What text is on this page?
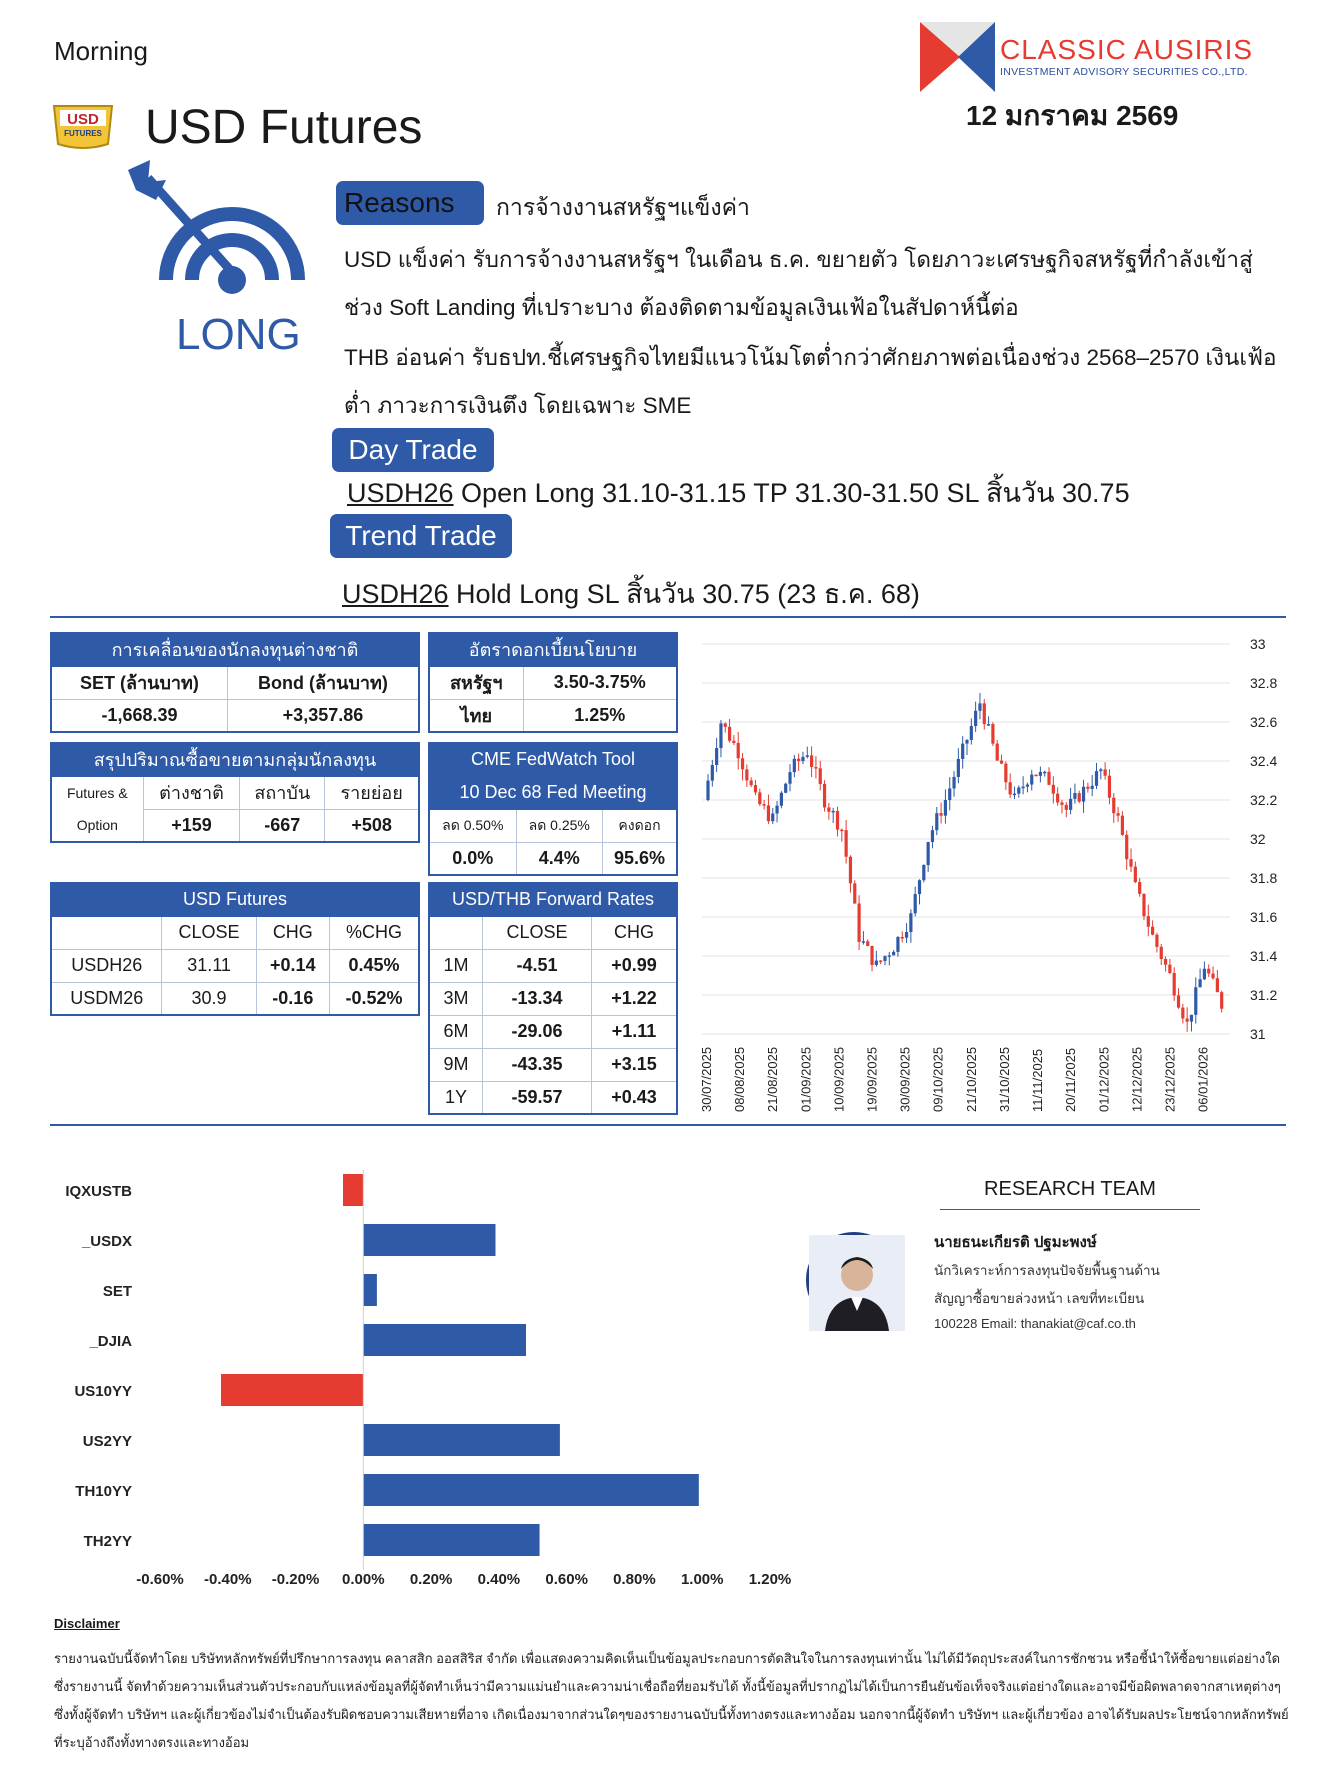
Morning
USD
FUTURES USD Futures
CLASSIC AUSIRIS
INVESTMENT ADVISORY SECURITIES CO.,LTD.
12 มกราคม 2569
LONG
Reasons	การจ้างงานสหรัฐฯแข็งค่า
USD แข็งค่า รับการจ้างงานสหรัฐฯ ในเดือน ธ.ค. ขยายตัว โดยภาวะเศรษฐกิจสหรัฐที่กำลังเข้าสู่ช่วง Soft Landing ที่เปราะบาง ต้องติดตามข้อมูลเงินเฟ้อในสัปดาห์นี้ต่อ
THB อ่อนค่า รับธปท.ชี้เศรษฐกิจไทยมีแนวโน้มโตต่ำกว่าศักยภาพต่อเนื่องช่วง 2568–2570 เงินเฟ้อต่ำ ภาวะการเงินตึง โดยเฉพาะ SME
Day Trade
USDH26 Open Long 31.10-31.15 TP 31.30-31.50 SL สิ้นวัน 30.75
Trend Trade
USDH26 Hold Long SL สิ้นวัน 30.75 (23 ธ.ค. 68)
การเคลื่อนของนักลงทุนต่างชาติ	
SET (ล้านบาท)	Bond (ล้านบาท)
-1,668.39	+3,357.86
อัตราดอกเบี้ยนโยบาย	
สหรัฐฯ	3.50-3.75%
ไทย	1.25%
สรุปปริมาณซื้อขายตามกลุ่มนักลงทุน			
Futures &
Option	ต่างชาติ	สถาบัน	รายย่อย
	+159	-667	+508
CME FedWatch Tool		
10 Dec 68 Fed Meeting		
ลด 0.50%	ลด 0.25%	คงดอก
0.0%	4.4%	95.6%
USD Futures			
	CLOSE	CHG	%CHG
USDH26	31.11	+0.14	0.45%
USDM26	30.9	-0.16	-0.52%
USD/THB Forward Rates		
	CLOSE	CHG
1M	-4.51	+0.99
3M	-13.34	+1.22
6M	-29.06	+1.11
9M	-43.35	+3.15
1Y	-59.57	+0.43
33
32.8
32.6
32.4
32.2
32
31.8
31.6
31.4
31.2
31
30/07/2025 08/08/2025 21/08/2025 01/09/2025 10/09/2025 19/09/2025 30/09/2025 09/10/2025 21/10/2025 31/10/2025 11/11/2025 20/11/2025 01/12/2025 12/12/2025 23/12/2025 06/01/2026
IQXUSTB
_USDX
SET
_DJIA
US10YY
US2YY
TH10YY
TH2YY
-0.60% -0.40% -0.20% 0.00% 0.20% 0.40% 0.60% 0.80% 1.00% 1.20%
RESEARCH TEAM
นายธนะเกียรติ ปฐมะพงษ์
นักวิเคราะห์การลงทุนปัจจัยพื้นฐานด้าน
สัญญาซื้อขายล่วงหน้า เลขที่ทะเบียน
100228 Email: thanakiat@caf.co.th
Disclaimer
รายงานฉบับนี้จัดทำโดย บริษัทหลักทรัพย์ที่ปรึกษาการลงทุน คลาสสิก ออสสิริส จำกัด เพื่อแสดงความคิดเห็นเป็นข้อมูลประกอบการตัดสินใจในการลงทุนเท่านั้น ไม่ได้มีวัตถุประสงค์ในการชักชวน หรือชี้นำให้ซื้อขายแต่อย่างใด ซึ่งรายงานนี้ จัดทำด้วยความเห็นส่วนตัวประกอบกับแหล่งข้อมูลที่ผู้จัดทำเห็นว่ามีความแม่นยำและความน่าเชื่อถือที่ยอมรับได้ ทั้งนี้ข้อมูลที่ปรากฏไม่ได้เป็นการยืนยันข้อเท็จจริงแต่อย่างใดและอาจมีข้อผิดพลาดจากสาเหตุต่างๆ ซึ่งทั้งผู้จัดทำ บริษัทฯ และผู้เกี่ยวข้องไม่จำเป็นต้องรับผิดชอบความเสียหายที่อาจ เกิดเนื่องมาจากส่วนใดๆของรายงานฉบับนี้ทั้งทางตรงและทางอ้อม นอกจากนี้ผู้จัดทำ บริษัทฯ และผู้เกี่ยวข้อง อาจได้รับผลประโยชน์จากหลักทรัพย์ที่ระบุอ้างถึงทั้งทางตรงและทางอ้อม
